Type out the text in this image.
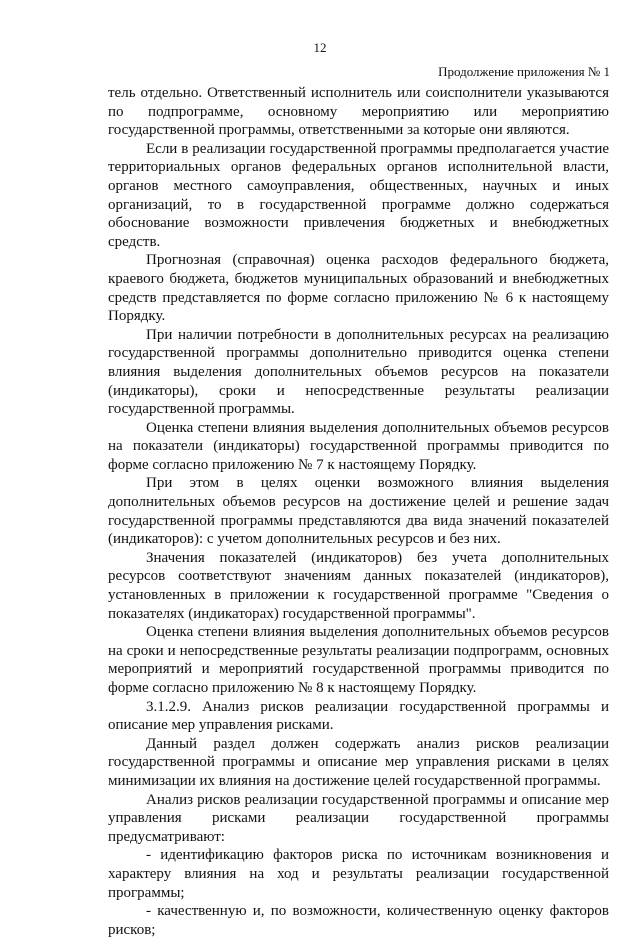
12
Продолжение приложения № 1

тель отдельно. Ответственный исполнитель или соисполнители указываются по подпрограмме, основному мероприятию или мероприятию государственной программы, ответственными за которые они являются.

Если в реализации государственной программы предполагается участие территориальных органов федеральных органов исполнительной власти, органов местного самоуправления, общественных, научных и иных организаций, то в государственной программе должно содержаться обоснование возможности привлечения бюджетных и внебюджетных средств.

Прогнозная (справочная) оценка расходов федерального бюджета, краевого бюджета, бюджетов муниципальных образований и внебюджетных средств представляется по форме согласно приложению № 6 к настоящему Порядку.

При наличии потребности в дополнительных ресурсах на реализацию государственной программы дополнительно приводится оценка степени влияния выделения дополнительных объемов ресурсов на показатели (индикаторы), сроки и непосредственные результаты реализации государственной программы.

Оценка степени влияния выделения дополнительных объемов ресурсов на показатели (индикаторы) государственной программы приводится по форме согласно приложению № 7 к настоящему Порядку.

При этом в целях оценки возможного влияния выделения дополнительных объемов ресурсов на достижение целей и решение задач государственной программы представляются два вида значений показателей (индикаторов): с учетом дополнительных ресурсов и без них.

Значения показателей (индикаторов) без учета дополнительных ресурсов соответствуют значениям данных показателей (индикаторов), установленных в приложении к государственной программе "Сведения о показателях (индикаторах) государственной программы".

Оценка степени влияния выделения дополнительных объемов ресурсов на сроки и непосредственные результаты реализации подпрограмм, основных мероприятий и мероприятий государственной программы приводится по форме согласно приложению № 8 к настоящему Порядку.

3.1.2.9. Анализ рисков реализации государственной программы и описание мер управления рисками.

Данный раздел должен содержать анализ рисков реализации государственной программы и описание мер управления рисками в целях минимизации их влияния на достижение целей государственной программы.

Анализ рисков реализации государственной программы и описание мер управления рисками реализации государственной программы предусматривают:

- идентификацию факторов риска по источникам возникновения и характеру влияния на ход и результаты реализации государственной программы;

- качественную и, по возможности, количественную оценку факторов рисков;
